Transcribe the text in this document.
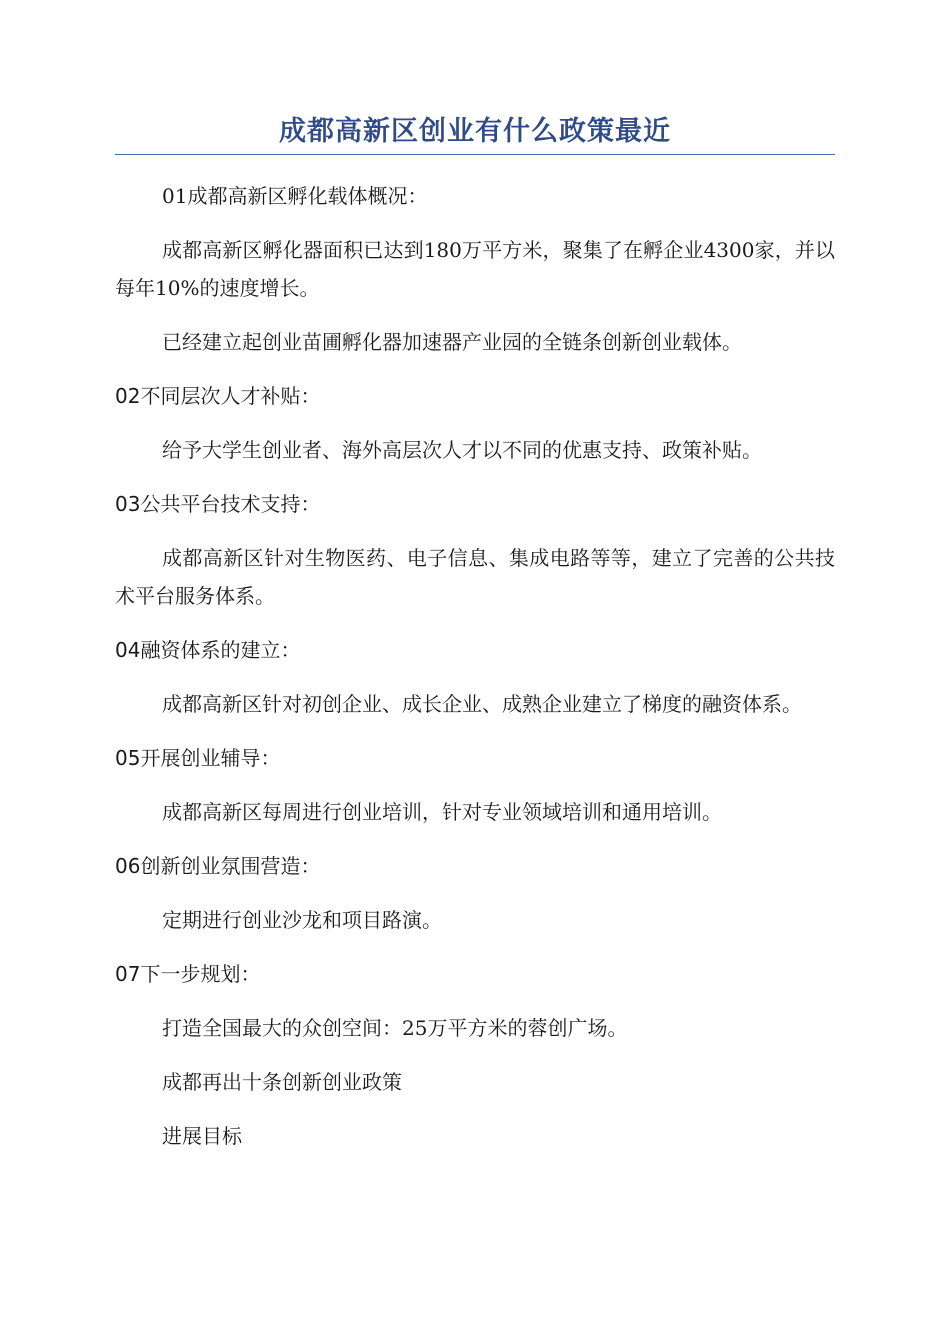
成都高新区创业有什么政策最近

01成都高新区孵化载体概况：

成都高新区孵化器面积已达到180万平方米，聚集了在孵企业4300家，并以每年10%的速度增长。

已经建立起创业苗圃孵化器加速器产业园的全链条创新创业载体。

02不同层次人才补贴：

给予大学生创业者、海外高层次人才以不同的优惠支持、政策补贴。

03公共平台技术支持：

成都高新区针对生物医药、电子信息、集成电路等等，建立了完善的公共技术平台服务体系。

04融资体系的建立：

成都高新区针对初创企业、成长企业、成熟企业建立了梯度的融资体系。

05开展创业辅导：

成都高新区每周进行创业培训，针对专业领域培训和通用培训。

06创新创业氛围营造：

定期进行创业沙龙和项目路演。

07下一步规划：

打造全国最大的众创空间：25万平方米的蓉创广场。

成都再出十条创新创业政策

进展目标
